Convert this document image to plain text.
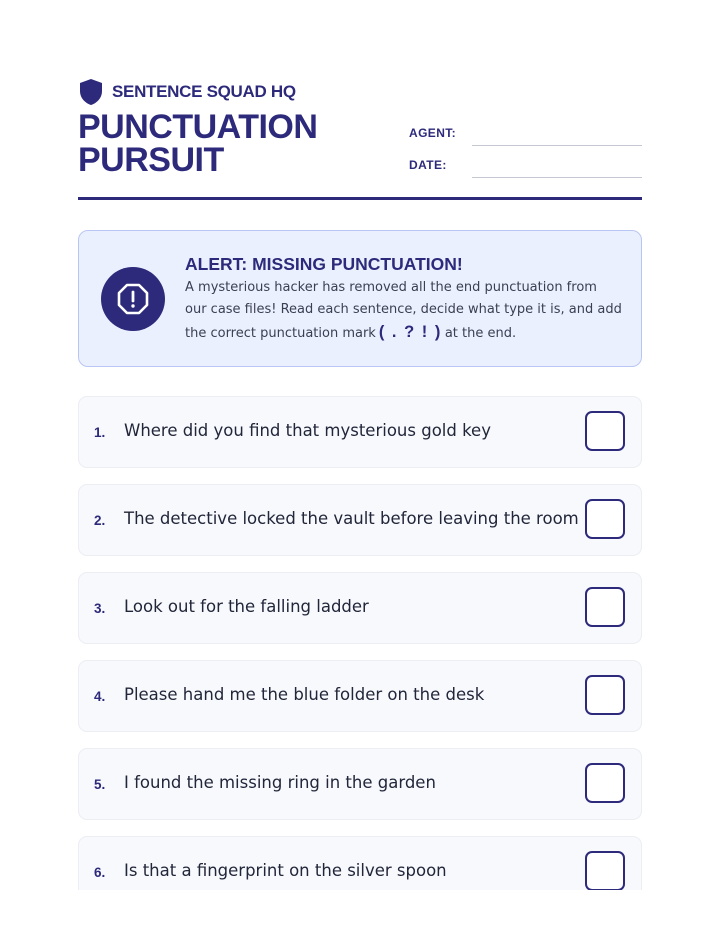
SENTENCE SQUAD HQ
PUNCTUATION
PURSUIT
AGENT:
DATE:
ALERT: MISSING PUNCTUATION!

A mysterious hacker has removed all the end punctuation from

our case files! Read each sentence, decide what type it is, and add

the correct punctuation mark ( . ? ! ) at the end.

1. Where did you find that mysterious gold key
2. The detective locked the vault before leaving the room
3. Look out for the falling ladder
4. Please hand me the blue folder on the desk
5. I found the missing ring in the garden
6. Is that a fingerprint on the silver spoon
